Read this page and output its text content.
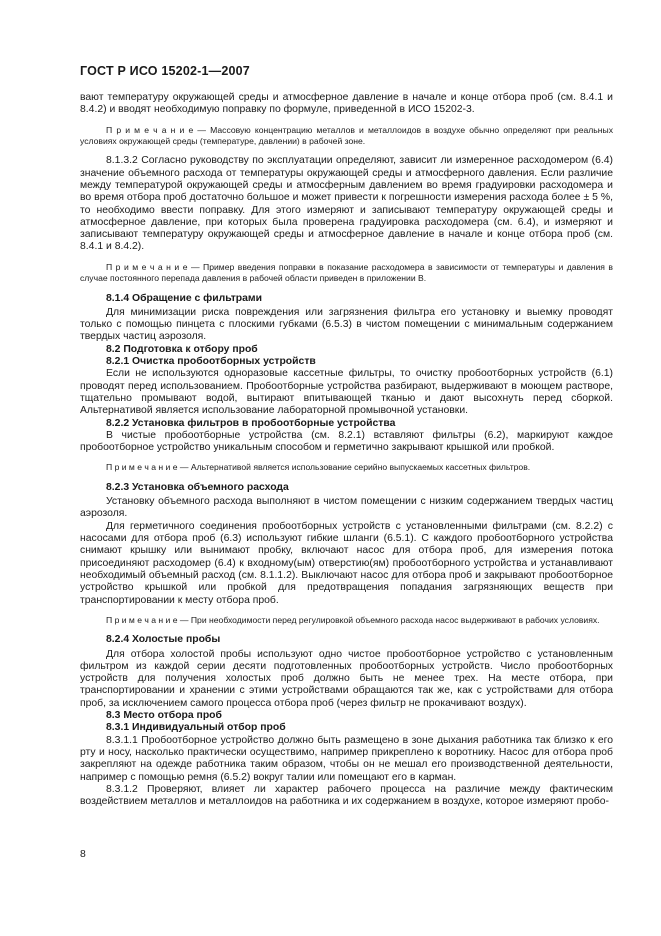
ГОСТ Р ИСО 15202-1—2007

вают температуру окружающей среды и атмосферное давление в начале и конце отбора проб (см. 8.4.1 и 8.4.2) и вводят необходимую поправку по формуле, приведенной в ИСО 15202-3.

П р и м е ч а н и е — Массовую концентрацию металлов и металлоидов в воздухе обычно определяют при реальных условиях окружающей среды (температуре, давлении) в рабочей зоне.

8.1.3.2 Согласно руководству по эксплуатации определяют, зависит ли измеренное расходомером (6.4) значение объемного расхода от температуры окружающей среды и атмосферного давления. Если различие между температурой окружающей среды и атмосферным давлением во время градуировки расходомера и во время отбора проб достаточно большое и может привести к погрешности измерения расхода более ± 5 %, то необходимо ввести поправку. Для этого измеряют и записывают температуру окружающей среды и атмосферное давление, при которых была проверена градуировка расходомера (см. 6.4), и измеряют и записывают температуру окружающей среды и атмосферное давление в начале и конце отбора проб (см. 8.4.1 и 8.4.2).

П р и м е ч а н и е — Пример введения поправки в показание расходомера в зависимости от температуры и давления в случае постоянного перепада давления в рабочей области приведен в приложении В.

8.1.4 Обращение с фильтрами

Для минимизации риска повреждения или загрязнения фильтра его установку и выемку проводят только с помощью пинцета с плоскими губками (6.5.3) в чистом помещении с минимальным содержанием твердых частиц аэрозоля.

8.2 Подготовка к отбору проб

8.2.1 Очистка пробоотборных устройств

Если не используются одноразовые кассетные фильтры, то очистку пробоотборных устройств (6.1) проводят перед использованием. Пробоотборные устройства разбирают, выдерживают в моющем растворе, тщательно промывают водой, вытирают впитывающей тканью и дают высохнуть перед сборкой. Альтернативой является использование лабораторной промывочной установки.

8.2.2 Установка фильтров в пробоотборные устройства

В чистые пробоотборные устройства (см. 8.2.1) вставляют фильтры (6.2), маркируют каждое пробоотборное устройство уникальным способом и герметично закрывают крышкой или пробкой.

П р и м е ч а н и е — Альтернативой является использование серийно выпускаемых кассетных фильтров.

8.2.3 Установка объемного расхода

Установку объемного расхода выполняют в чистом помещении с низким содержанием твердых частиц аэрозоля.

Для герметичного соединения пробоотборных устройств с установленными фильтрами (см. 8.2.2) с насосами для отбора проб (6.3) используют гибкие шланги (6.5.1). С каждого пробоотборного устройства снимают крышку или вынимают пробку, включают насос для отбора проб, для измерения потока присоединяют расходомер (6.4) к входному(ым) отверстию(ям) пробоотборного устройства и устанавливают необходимый объемный расход (см. 8.1.1.2). Выключают насос для отбора проб и закрывают пробоотборное устройство крышкой или пробкой для предотвращения попадания загрязняющих веществ при транспортировании к месту отбора проб.

П р и м е ч а н и е — При необходимости перед регулировкой объемного расхода насос выдерживают в рабочих условиях.

8.2.4 Холостые пробы

Для отбора холостой пробы используют одно чистое пробоотборное устройство с установленным фильтром из каждой серии десяти подготовленных пробоотборных устройств. Число пробоотборных устройств для получения холостых проб должно быть не менее трех. На месте отбора, при транспортировании и хранении с этими устройствами обращаются так же, как с устройствами для отбора проб, за исключением самого процесса отбора проб (через фильтр не прокачивают воздух).

8.3 Место отбора проб

8.3.1 Индивидуальный отбор проб

8.3.1.1 Пробоотборное устройство должно быть размещено в зоне дыхания работника так близко к его рту и носу, насколько практически осуществимо, например прикреплено к воротнику. Насос для отбора проб закрепляют на одежде работника таким образом, чтобы он не мешал его производственной деятельности, например с помощью ремня (6.5.2) вокруг талии или помещают его в карман.

8.3.1.2 Проверяют, влияет ли характер рабочего процесса на различие между фактическим воздействием металлов и металлоидов на работника и их содержанием в воздухе, которое измеряют пробо-

8
